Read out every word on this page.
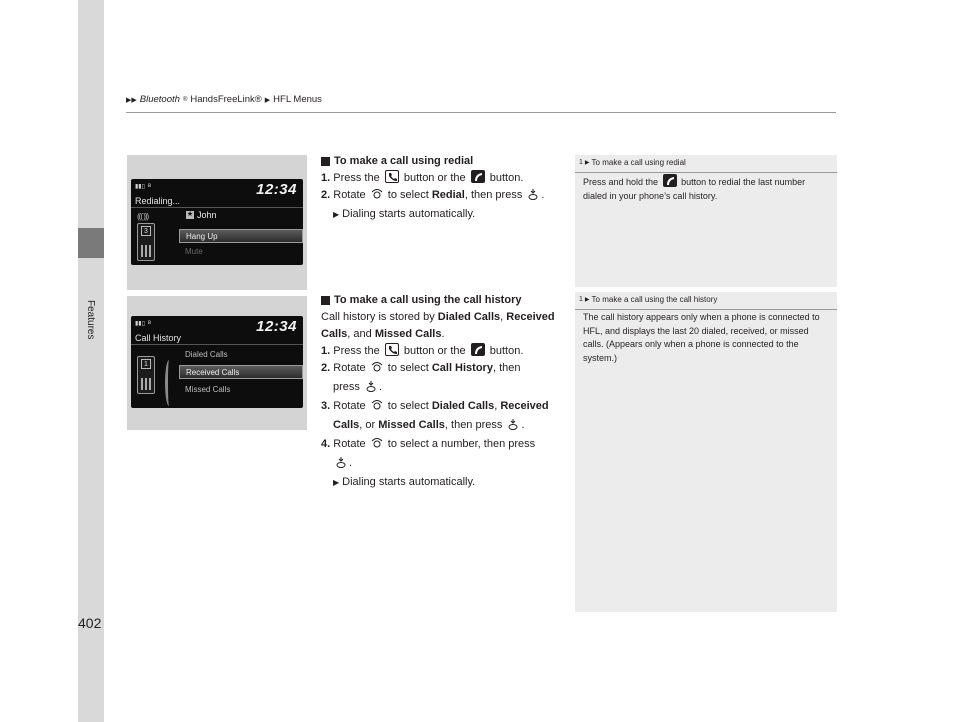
Features
▶▶ Bluetooth ® HandsFreeLink® ▶ HFL Menus
▮▮▯ ʙ	12:34
Redialing...
((( )))
3
★ John
Hang Up
Mute
▮▮▯ ʙ	12:34
Call History
1
Dialed Calls
Received Calls
Missed Calls
To make a call using redial
1. Press the button or the button.
2. Rotate to select Redial, then press .
▶ Dialing starts automatically.
To make a call using the call history
Call history is stored by Dialed Calls, Received Calls, and Missed Calls.
1. Press the button or the button.
2. Rotate to select Call History, then
press .
3. Rotate to select Dialed Calls, Received
Calls, or Missed Calls, then press .
4. Rotate to select a number, then press
.
▶ Dialing starts automatically.
1 ▶ To make a call using redial
Press and hold the	button to redial the last number dialed in your phone’s call history.
1 ▶ To make a call using the call history
The call history appears only when a phone is connected to HFL, and displays the last 20 dialed, received, or missed calls. (Appears only when a phone is connected to the system.)
402
